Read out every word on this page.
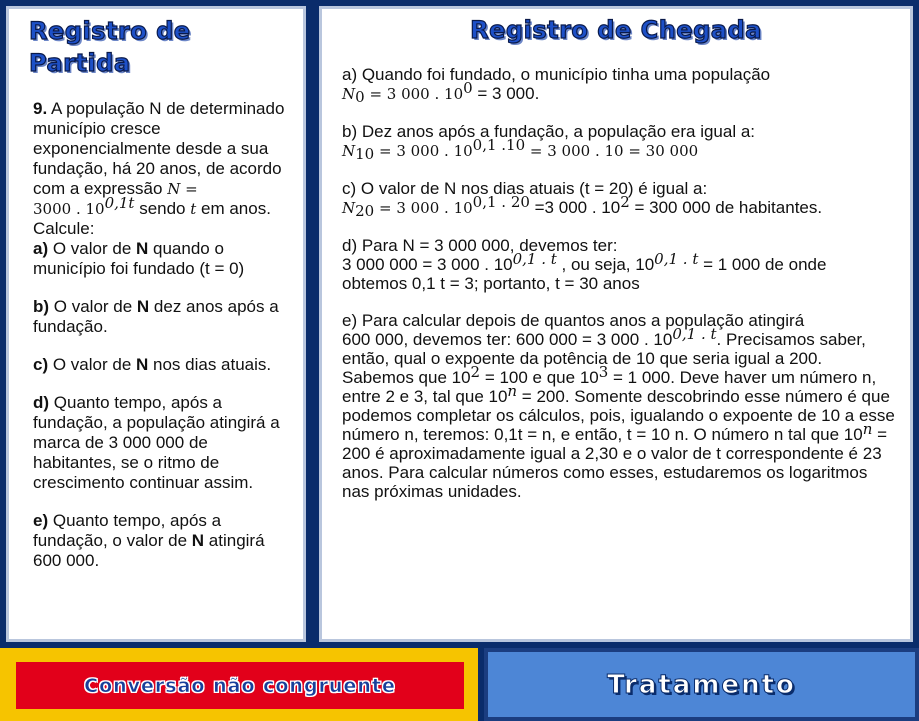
Registro de
Partida

9. A população N de determinado município cresce exponencialmente desde a sua fundação, há 20 anos, de acordo com a expressão N =
3000 . $10^{0,1t}$ sendo t em anos. Calcule:
a) O valor de N quando o município foi fundado (t = 0)

b) O valor de N dez anos após a fundação.

c) O valor de N nos dias atuais.

d) Quanto tempo, após a fundação, a população atingirá a marca de 3 000 000 de habitantes, se o ritmo de crescimento continuar assim.

e) Quanto tempo, após a fundação, o valor de N atingirá 600 000.

Registro de Chegada

a) Quando foi fundado, o município tinha uma população
$N_0 = 3$ 000 . $10^0 = 3$ 000.

b) Dez anos após a fundação, a população era igual a:
$N_{10} = 3$ 000 . $10^{0,1 .10} = 3$ 000 . 10 = 30 000

c) O valor de N nos dias atuais (t = 20) é igual a:
$N_{20} = 3$ 000 . $10^{0,1 . 20} =3$ 000 . $10^2 = 300$ 000 de habitantes.

d) Para N = 3 000 000, devemos ter:
3 000 000 = 3 000 . $10^{0,1 . t}$ , ou seja, $10^{0,1 . t} = 1$ 000 de onde obtemos 0,1 t = 3; portanto, t = 30 anos

e) Para calcular depois de quantos anos a população atingirá
600 000, devemos ter: 600 000 = 3 000 . $10^{0,1 . t}$. Precisamos saber, então, qual o expoente da potência de 10 que seria igual a 200. Sabemos que $10^2 = 100$ e que $10^3 = 1$ 000. Deve haver um número n, entre 2 e 3, tal que $10^n = 200$. Somente descobrindo esse número é que podemos completar os cálculos, pois, igualando o expoente de 10 a esse número n, teremos: 0,1t = n, e então, t = 10 n. O número n tal que $10^n = 200$ é aproximadamente igual a 2,30 e o valor de t correspondente é 23 anos. Para calcular números como esses, estudaremos os logaritmos nas próximas unidades.

Conversão não congruente	Tratamento
